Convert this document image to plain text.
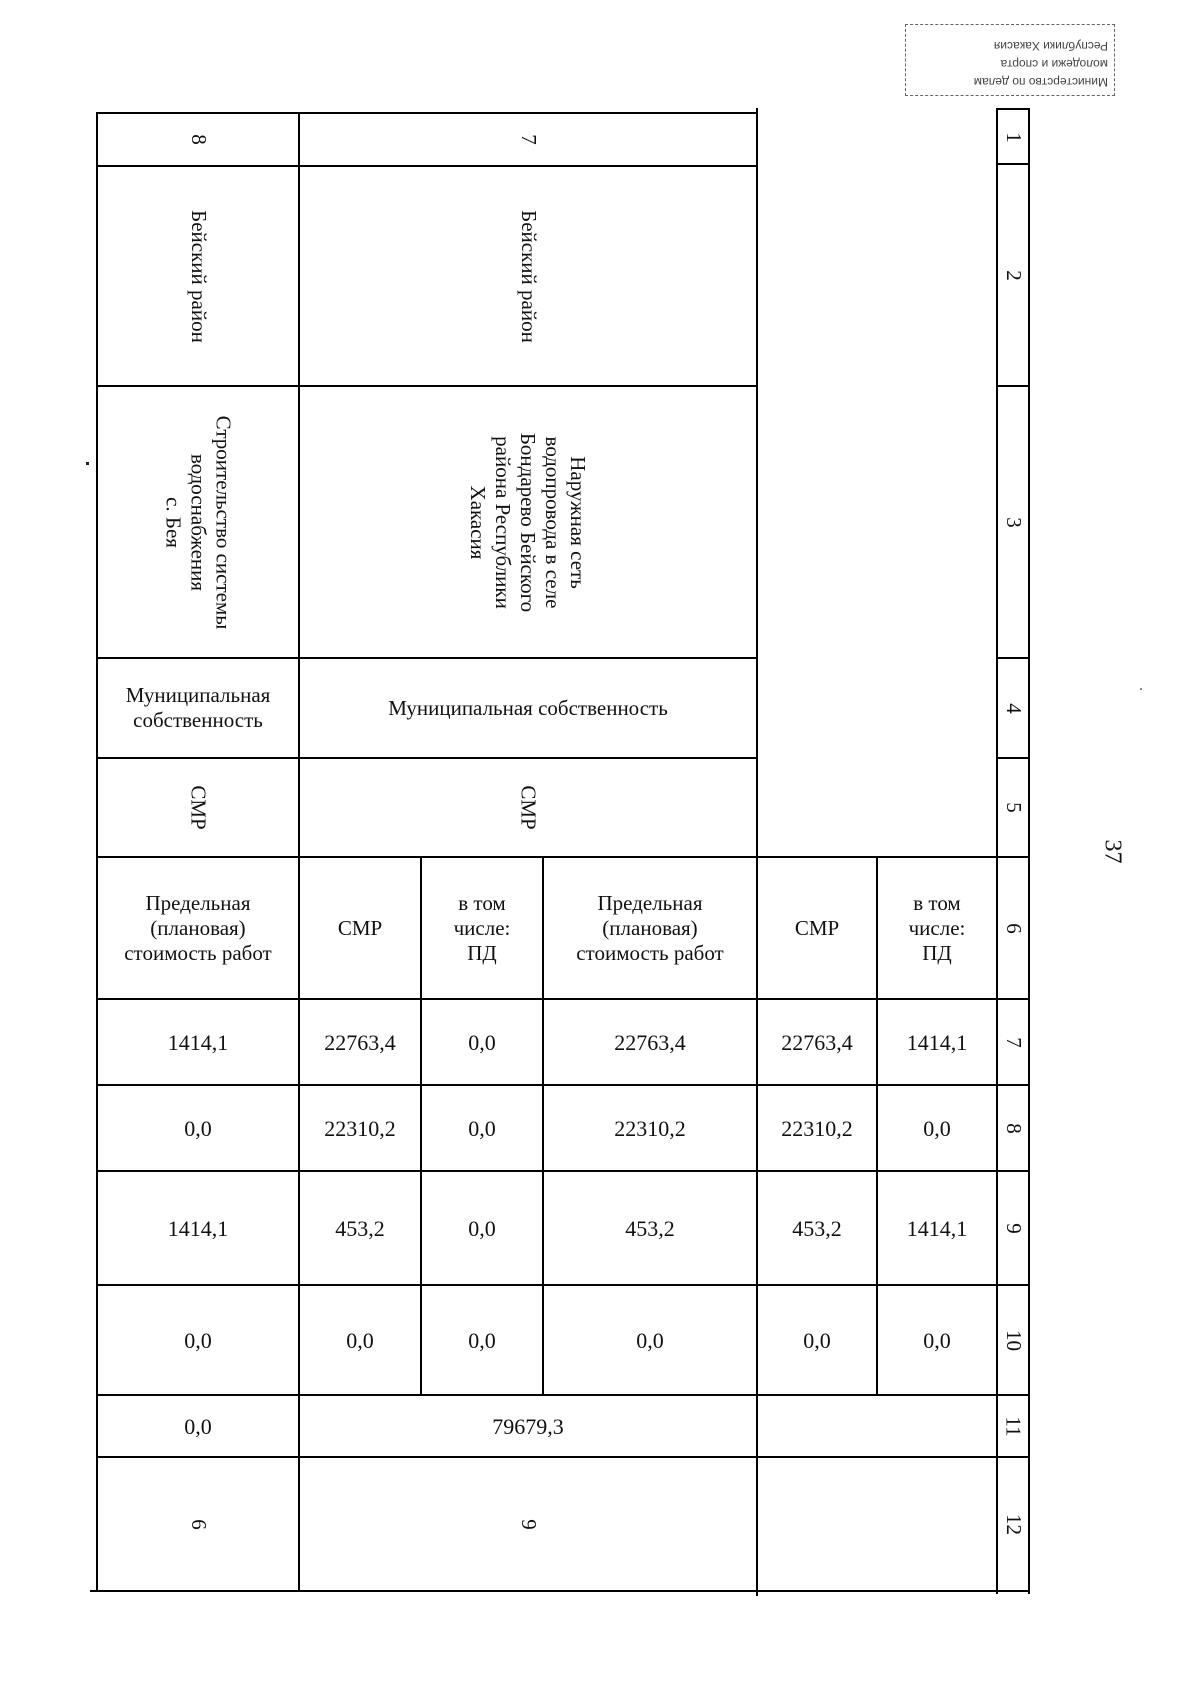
37
Министерство по делам
молодежи и спорта
Республики Хакасия
1
2
3
4
5
6
7
8
9
10
11
12
8
Бейский район
Строительство системы
водоснабжения
с. Бея
Муниципальная
собственность
СМР
Предельная
(плановая)
стоимость работ
1414,1
0,0
1414,1
0,0
0,0
6
7
Бейский район
Наружная сеть
водопровода в селе
Бондарево Бейского
района Республики
Хакасия
Муниципальная собственность
СМР
в том
числе:
ПД
1414,1
0,0
1414,1
0,0
СМР
22763,4
22310,2
453,2
0,0
Предельная
(плановая)
стоимость работ
22763,4
22310,2
453,2
0,0
в том
числе:
ПД
0,0
0,0
0,0
0,0
СМР
22763,4
22310,2
453,2
0,0
79679,3
9
